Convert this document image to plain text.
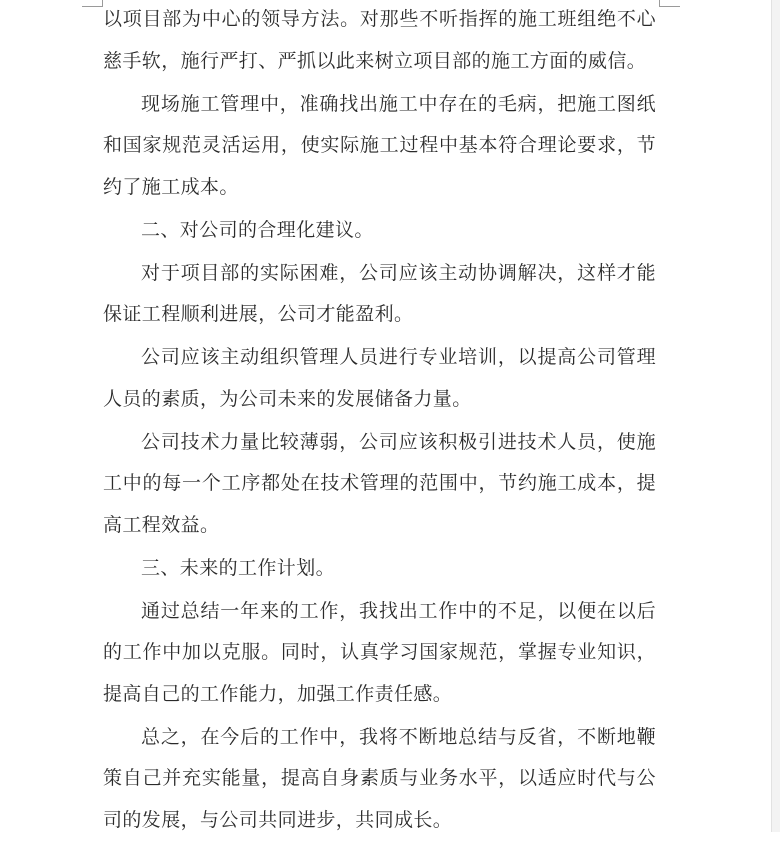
以项目部为中心的领导方法。对那些不听指挥的施工班组绝不心慈手软，施行严打、严抓以此来树立项目部的施工方面的威信。

现场施工管理中，准确找出施工中存在的毛病，把施工图纸和国家规范灵活运用，使实际施工过程中基本符合理论要求，节约了施工成本。

二、对公司的合理化建议。

对于项目部的实际困难，公司应该主动协调解决，这样才能保证工程顺利进展，公司才能盈利。

公司应该主动组织管理人员进行专业培训，以提高公司管理人员的素质，为公司未来的发展储备力量。

公司技术力量比较薄弱，公司应该积极引进技术人员，使施工中的每一个工序都处在技术管理的范围中，节约施工成本，提高工程效益。

三、未来的工作计划。

通过总结一年来的工作，我找出工作中的不足，以便在以后的工作中加以克服。同时，认真学习国家规范，掌握专业知识，提高自己的工作能力，加强工作责任感。

总之，在今后的工作中，我将不断地总结与反省，不断地鞭策自己并充实能量，提高自身素质与业务水平，以适应时代与公司的发展，与公司共同进步，共同成长。
